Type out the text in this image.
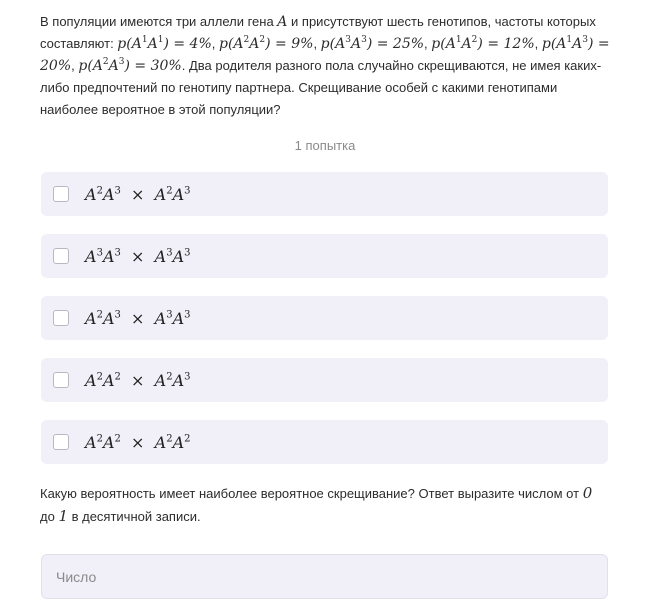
В популяции имеются три аллели гена A и присутствуют шесть генотипов, частоты которых составляют: $p(A^1A^1) = 4\%$, $p(A^2A^2) = 9\%$, $p(A^3A^3) = 25\%$, $p(A^1A^2) = 12\%$, $p(A^1A^3) = 20\%$, $p(A^2A^3) = 30\%$. Два родителя разного пола случайно скрещиваются, не имея каких-либо предпочтений по генотипу партнера. Скрещивание особей с какими генотипами наиболее вероятное в этой популяции?
1 попытка
$A^2A^3 \times A^2A^3$
$A^3A^3 \times A^3A^3$
$A^2A^3 \times A^3A^3$
$A^2A^2 \times A^2A^3$
$A^2A^2 \times A^2A^2$
Какую вероятность имеет наиболее вероятное скрещивание? Ответ выразите числом от 0 до 1 в десятичной записи.
Число
